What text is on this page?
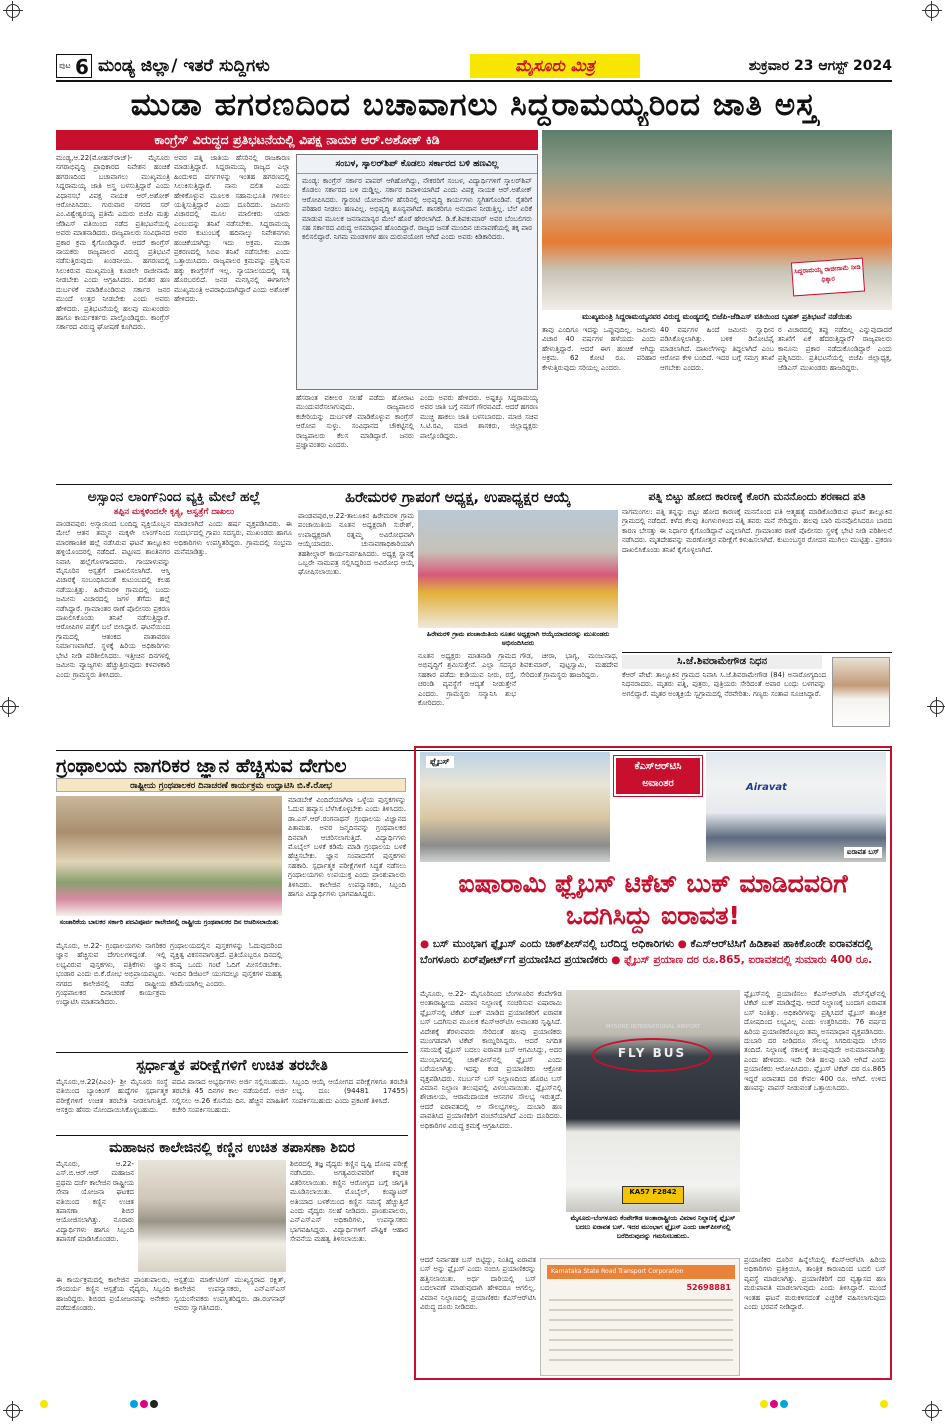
ಪುಟ 6 ಮಂಡ್ಯ ಜಿಲ್ಲಾ/ ಇತರೆ ಸುದ್ದಿಗಳು	ಮೈಸೂರು ಮಿತ್ರ	ಶುಕ್ರವಾರ 23 ಆಗಸ್ಟ್ 2024
ಮುಡಾ ಹಗರಣದಿಂದ ಬಚಾವಾಗಲು ಸಿದ್ದರಾಮಯ್ಯರಿಂದ ಜಾತಿ ಅಸ್ತ್ರ
ಕಾಂಗ್ರೆಸ್ ವಿರುದ್ಧದ ಪ್ರತಿಭಟನೆಯಲ್ಲಿ ವಿಪಕ್ಷ ನಾಯಕ ಆರ್.ಅಶೋಕ್ ಕಿಡಿ
ಮಂಡ್ಯ,ಆ.22(ಮೋಹನ್‌ರಾಜ್)- ಮೈಸೂರು ನಗರಾಭಿವೃದ್ಧಿ ಪ್ರಾಧಿಕಾರದ ನಿವೇಶನ ಹಂಚಿಕೆ ಹಗರಣದಿಂದ ಬಚಾವಾಗಲು ಮುಖ್ಯಮಂತ್ರಿ ಸಿದ್ದರಾಮಯ್ಯ ಜಾತಿ ಅಸ್ತ್ರ ಬಳಸುತ್ತಿದ್ದಾರೆ ಎಂದು ವಿಧಾನಸಭೆ ವಿಪಕ್ಷ ನಾಯಕ ಆರ್.ಅಶೋಕ್ ಆರೋಪಿಸಿದರು. ಗುರುವಾರ ನಗರದ ಸರ್ ಎಂ.ವಿಶ್ವೇಶ್ವರಯ್ಯ ಪ್ರತಿಮೆ ಎದುರು ಬಿಜೆಪಿ ಮತ್ತು ಜೆಡಿಎಸ್ ವತಿಯಿಂದ ನಡೆದ ಪ್ರತಿಭಟನೆಯಲ್ಲಿ ಅವರು ಮಾತನಾಡಿದರು. ರಾಜ್ಯಪಾಲರು ಸಂವಿಧಾನದ ಪ್ರಕಾರ ಕ್ರಮ ಕೈಗೊಂಡಿದ್ದಾರೆ. ಆದರೆ ಕಾಂಗ್ರೆಸ್ ನಾಯಕರು ರಾಜ್ಯಪಾಲರ ವಿರುದ್ಧ ಪ್ರತಿಭಟನೆ ನಡೆಸುತ್ತಿರುವುದು ಖಂಡನೀಯ. ಹಗರಣದಲ್ಲಿ ಸಿಲುಕಿರುವ ಮುಖ್ಯಮಂತ್ರಿ ಕೂಡಲೇ ರಾಜೀನಾಮೆ ನೀಡಬೇಕು ಎಂದು ಆಗ್ರಹಿಸಿದರು. ದಲಿತರ ಹಣ ದುರ್ಬಳಕೆ ಮಾಡಿಕೊಂಡಿರುವ ಸರ್ಕಾರ ಜನರ ಮುಂದೆ ಉತ್ತರ ನೀಡಬೇಕು ಎಂದು ಅವರು ಹೇಳಿದರು. ಪ್ರತಿಭಟನೆಯಲ್ಲಿ ಹಲವು ಮುಖಂಡರು ಹಾಗೂ ಕಾರ್ಯಕರ್ತರು ಪಾಲ್ಗೊಂಡಿದ್ದರು. ಕಾಂಗ್ರೆಸ್ ಸರ್ಕಾರದ ವಿರುದ್ಧ ಘೋಷಣೆ ಕೂಗಿದರು.
ಅವರ ಪತ್ನಿ ಜಾತಿಯ ಹೆಸರಿನಲ್ಲಿ ರಾಜಕಾರಣ ಮಾಡುತ್ತಿದ್ದಾರೆ. ಸಿದ್ದರಾಮಯ್ಯ ರಾಜ್ಯದ ಎಲ್ಲಾ ಹಿಂದುಳಿದ ವರ್ಗಗಳನ್ನು ಇಂತಹ ಹಗರಣದಲ್ಲಿ ಸಿಲುಕಿಸುತ್ತಿದ್ದಾರೆ. ನಾನು ದಲಿತ ಎಂದು ಹೇಳಿಕೊಳ್ಳುವ ಮೂಲಕ ಸಹಾನುಭೂತಿ ಗಳಿಸಲು ಯತ್ನಿಸುತ್ತಿದ್ದಾರೆ ಎಂದು ದೂರಿದರು. ಜಮೀನು ವಿಚಾರದಲ್ಲಿ ಮೂಲ ಮಾಲೀಕರು ಯಾರು ಎಂಬುದನ್ನು ತನಿಖೆ ನಡೆಸಬೇಕು. ಸಿದ್ದರಾಮಯ್ಯ ಅವರ ಕುಟುಂಬಕ್ಕೆ ಹದಿನಾಲ್ಕು ನಿವೇಶನಗಳು ಹಂಚಿಕೆಯಾಗಿದ್ದು ಇದು ಅಕ್ರಮ. ಮುಡಾ ಪ್ರಕರಣದಲ್ಲಿ ಸಿಬಿಐ ತನಿಖೆ ನಡೆಸಬೇಕು ಎಂದು ಒತ್ತಾಯಿಸಿದರು. ರಾಜ್ಯಪಾಲರ ಕ್ರಮವನ್ನು ಪ್ರಶ್ನಿಸುವ ಹಕ್ಕು ಕಾಂಗ್ರೆಸ್‌ಗೆ ಇಲ್ಲ. ನ್ಯಾಯಾಲಯದಲ್ಲಿ ಸತ್ಯ ಹೊರಬರಲಿದೆ. ಜನರ ಮನಸ್ಸಿನಲ್ಲಿ ಈಗಾಗಲೇ ಮುಖ್ಯಮಂತ್ರಿ ಅಪರಾಧಿಯಾಗಿದ್ದಾರೆ ಎಂದು ಅಶೋಕ್ ಹೇಳಿದರು.
ಸಂಬಳ, ಸ್ಕಾಲರ್‌ಶಿಪ್ ಕೊಡಲು ಸರ್ಕಾರದ ಬಳಿ ಹಣವಿಲ್ಲ
ಮಂಡ್ಯ: ಕಾಂಗ್ರೆಸ್ ಸರ್ಕಾರ ಪಾಪರ್ ಆಗಿಹೋಗಿದ್ದು, ನೌಕರರಿಗೆ ಸಂಬಳ, ವಿದ್ಯಾರ್ಥಿಗಳಿಗೆ ಸ್ಕಾಲರ್‌ಶಿಪ್ ಕೊಡಲು ಸರ್ಕಾರದ ಬಳಿ ದುಡ್ಡಿಲ್ಲ. ಸರ್ಕಾರ ದಿವಾಳಿಯಾಗಿದೆ ಎಂದು ವಿಪಕ್ಷ ನಾಯಕ ಆರ್.ಅಶೋಕ್ ಆರೋಪಿಸಿದರು. ಗ್ಯಾರಂಟಿ ಯೋಜನೆಗಳ ಹೆಸರಿನಲ್ಲಿ ಅಭಿವೃದ್ಧಿ ಕಾರ್ಯಗಳು ಸ್ಥಗಿತಗೊಂಡಿವೆ. ರೈತರಿಗೆ ಪರಿಹಾರ ನೀಡಲು ಹಣವಿಲ್ಲ. ಅಭಿವೃದ್ಧಿ ಶೂನ್ಯವಾಗಿದೆ. ಶಾಸಕರಿಗೂ ಅನುದಾನ ನೀಡುತ್ತಿಲ್ಲ. ಬೆಲೆ ಏರಿಕೆ ಮಾಡುವ ಮೂಲಕ ಜನಸಾಮಾನ್ಯರ ಮೇಲೆ ಹೊರೆ ಹೇರಲಾಗಿದೆ. ಡಿ.ಕೆ.ಶಿವಕುಮಾರ್ ಅವರ ಬೆಂಬಲಿಗರು ಸಹ ಸರ್ಕಾರದ ವಿರುದ್ಧ ಅಸಮಾಧಾನ ಹೊಂದಿದ್ದಾರೆ. ರಾಜ್ಯದ ಜನತೆ ಮುಂದಿನ ಚುನಾವಣೆಯಲ್ಲಿ ತಕ್ಕ ಪಾಠ ಕಲಿಸಲಿದ್ದಾರೆ. ನಿಗಮ ಮಂಡಳಿಗಳ ಹಣ ದುರುಪಯೋಗ ಆಗಿದೆ ಎಂದು ಅವರು ಕಿಡಿಕಾರಿದರು.
ಹೆಸರಾಂತ ವಕೀಲರ ಸಲಹೆ ಪಡೆದು ಹೋರಾಟ ಮುಂದುವರೆಸಲಾಗುವುದು. ರಾಜ್ಯಪಾಲರ ಕಚೇರಿಯನ್ನು ದುರ್ಬಳಕೆ ಮಾಡಿಕೊಳ್ಳುವ ಕಾಂಗ್ರೆಸ್ ಆರೋಪ ಸುಳ್ಳು. ಸಂವಿಧಾನದ ಚೌಕಟ್ಟಿನಲ್ಲಿ ರಾಜ್ಯಪಾಲರು ಕೆಲಸ ಮಾಡಿದ್ದಾರೆ. ಜನರು ಪ್ರಜ್ಞಾವಂತರು ಎಂದರು.
ಎಂದು ಅವರು ಹೇಳಿದರು. ಅಷ್ಟಕ್ಕೂ ಸಿದ್ದರಾಮಯ್ಯ ಅವರ ಜಾತಿ ಬಗ್ಗೆ ನಮಗೆ ಗೌರವವಿದೆ. ಆದರೆ ಹಗರಣ ಮುಚ್ಚಿ ಹಾಕಲು ಜಾತಿ ಬಳಸಬಾರದು. ಮಾಜಿ ಸಚಿವ ಸಿ.ಟಿ.ರವಿ, ಮಾಜಿ ಶಾಸಕರು, ಜಿಲ್ಲಾಧ್ಯಕ್ಷರು ಪಾಲ್ಗೊಂಡಿದ್ದರು.
ಸಿದ್ದರಾಮಯ್ಯ ರಾಜೀನಾಮೆ ನೀಡಿ ಧಿಕ್ಕಾರ
ಮುಖ್ಯಮಂತ್ರಿ ಸಿದ್ದರಾಮಯ್ಯನವರ ವಿರುದ್ಧ ಮಂಡ್ಯದಲ್ಲಿ ಬಿಜೆಪಿ-ಜೆಡಿಎಸ್ ವತಿಯಿಂದ ಬೃಹತ್ ಪ್ರತಿಭಟನೆ ನಡೆಯಿತು
ತಾವು ಎಂದಿಗೂ ಇದನ್ನು ಒಪ್ಪುವುದಿಲ್ಲ. ಜಮೀನು ವಿಚಾರ 40 ವರ್ಷಗಳ ಹಳೆಯದು ಎಂದು ಹೇಳುತ್ತಿದ್ದಾರೆ. ಆದರೆ ಈಗ ಹಂಚಿಕೆ ಆಗಿದ್ದು ಅಕ್ರಮ. 62 ಕೋಟಿ ರೂ. ಪರಿಹಾರ ಕೇಳುತ್ತಿರುವುದು ಸರಿಯಲ್ಲ ಎಂದರು.
40 ವರ್ಷಗಳ ಹಿಂದೆ ಜಮೀನು ಸ್ವಾಧೀನ ಪಡಿಸಿಕೊಳ್ಳಲಾಗಿತ್ತು. ಬಳಿಕ ಡಿನೋಟಿಫೈ ಮಾಡಲಾಗಿದೆ. ದಾಖಲೆಗಳನ್ನು ತಿದ್ದಲಾಗಿದೆ ಎಂಬ ಆರೋಪ ಕೇಳಿ ಬಂದಿದೆ. ಇದರ ಬಗ್ಗೆ ಸಮಗ್ರ ತನಿಖೆ ಆಗಬೇಕು ಎಂದರು.
ರ ವಿಚಾರದಲ್ಲಿ ತಪ್ಪು ನಡೆದಿಲ್ಲ ಎನ್ನುವುದಾದರೆ ತನಿಖೆಗೆ ಏಕೆ ಹೆದರುತ್ತಿದ್ದಾರೆ? ರಾಜ್ಯಪಾಲರು ಕಾನೂನು ಪ್ರಕಾರ ನಡೆದುಕೊಂಡಿದ್ದಾರೆ ಎಂದು ಪ್ರಶ್ನಿಸಿದರು. ಪ್ರತಿಭಟನೆಯಲ್ಲಿ ಬಿಜೆಪಿ ಜಿಲ್ಲಾಧ್ಯಕ್ಷ, ಜೆಡಿಎಸ್ ಮುಖಂಡರು ಹಾಜರಿದ್ದರು.
ಅಸ್ಸಾಂನ ಲಾಂಗ್‌ನಿಂದ ವ್ಯಕ್ತಿ ಮೇಲೆ ಹಲ್ಲೆ
ತಪ್ಪಿನ ಮಕ್ಕಳಿಂದಲೇ ಕೃತ್ಯ, ಅಸ್ವತ್ರೆಗೆ ದಾಖಲು
ಪಾಂಡವಪುರ: ಅಸ್ಸಾಂನಿಂದ ಬಂದಿದ್ದ ವ್ಯಕ್ತಿಯೊಬ್ಬನ ಮೇಲೆ ಆತನ ತಮ್ಮನ ಮಕ್ಕಳೇ ಲಾಂಗ್‌ನಿಂದ ಮಾರಣಾಂತಿಕ ಹಲ್ಲೆ ನಡೆಸಿರುವ ಘಟನೆ ತಾಲ್ಲೂಕಿನ ಹಳ್ಳಿಯೊಂದರಲ್ಲಿ ನಡೆದಿದೆ. ಪಟ್ಟಣದ ಶಾಂತಿನಗರ ನಿವಾಸಿ ಹಲ್ಲೆಗೊಳಗಾದವರು. ಗಾಯಾಳುವನ್ನು ಮೈಸೂರಿನ ಆಸ್ಪತ್ರೆಗೆ ದಾಖಲಿಸಲಾಗಿದೆ. ಆಸ್ತಿ ವಿಚಾರಕ್ಕೆ ಸಂಬಂಧಿಸಿದಂತೆ ಕುಟುಂಬದಲ್ಲಿ ಕಲಹ ನಡೆಯುತ್ತಿತ್ತು. ಹಿರೇಮರಳಿ ಗ್ರಾಮದಲ್ಲಿ ಬಂದು ಜಮೀನು ವಿಚಾರದಲ್ಲಿ ಜಗಳ ತೆಗೆದು ಹಲ್ಲೆ ನಡೆಸಿದ್ದಾರೆ. ಗ್ರಾಮಾಂತರ ಠಾಣೆ ಪೊಲೀಸರು ಪ್ರಕರಣ ದಾಖಲಿಸಿಕೊಂಡು ತನಿಖೆ ನಡೆಸುತ್ತಿದ್ದಾರೆ. ಆರೋಪಿಗಳ ಪತ್ತೆಗೆ ಬಲೆ ಬೀಸಿದ್ದಾರೆ. ಘಟನೆಯಿಂದ ಗ್ರಾಮದಲ್ಲಿ ಆತಂಕದ ವಾತಾವರಣ ನಿರ್ಮಾಣವಾಗಿದೆ. ಸ್ಥಳಕ್ಕೆ ಹಿರಿಯ ಅಧಿಕಾರಿಗಳು ಭೇಟಿ ನೀಡಿ ಪರಿಶೀಲಿಸಿದರು. ಇತ್ತೀಚಿನ ದಿನಗಳಲ್ಲಿ ಜಮೀನು ವ್ಯಾಜ್ಯಗಳು ಹೆಚ್ಚುತ್ತಿರುವುದು ಕಳವಳಕಾರಿ ಎಂದು ಗ್ರಾಮಸ್ಥರು ತಿಳಿಸಿದರು.
ಮಾಡಲಾಗಿದೆ ಎಂದು ಹರ್ಷ ವ್ಯಕ್ತಪಡಿಸಿದರು. ಈ ಸಂದರ್ಭದಲ್ಲಿ ಗ್ರಾಪಂ ಸದಸ್ಯರು, ಮುಖಂಡರು ಹಾಗೂ ಅಧಿಕಾರಿಗಳು ಉಪಸ್ಥಿತರಿದ್ದರು. ಗ್ರಾಮದಲ್ಲಿ ಸಂಭ್ರಮ ಮನೆಮಾಡಿತ್ತು.
ಹಿರೇಮರಳಿ ಗ್ರಾಪಂಗೆ ಅಧ್ಯಕ್ಷ, ಉಪಾಧ್ಯಕ್ಷರ ಆಯ್ಕೆ
ಪಾಂಡವಪುರ,ಆ.22-ತಾಲೂಕಿನ ಹಿರೇಮರಳಿ ಗ್ರಾಮ ಪಂಚಾಯಿತಿಯ ನೂತನ ಅಧ್ಯಕ್ಷರಾಗಿ ಸುರೇಶ್, ಉಪಾಧ್ಯಕ್ಷರಾಗಿ ರತ್ನಮ್ಮ ಅವಿರೋಧವಾಗಿ ಆಯ್ಕೆಯಾದರು. ಚುನಾವಣಾಧಿಕಾರಿಯಾಗಿ ತಹಶೀಲ್ದಾರ್ ಕಾರ್ಯನಿರ್ವಹಿಸಿದರು. ಅಧ್ಯಕ್ಷ ಸ್ಥಾನಕ್ಕೆ ಒಬ್ಬರೇ ನಾಮಪತ್ರ ಸಲ್ಲಿಸಿದ್ದರಿಂದ ಅವಿರೋಧ ಆಯ್ಕೆ ಘೋಷಿಸಲಾಯಿತು.
ಹಿರೇಮರಳಿ ಗ್ರಾಮ ಪಂಚಾಯಿತಿಯ ನೂತನ ಅಧ್ಯಕ್ಷರಾಗಿ ಆಯ್ಕೆಯಾದವರನ್ನು ಮುಖಂಡರು ಅಭಿನಂದಿಸಿದರು
ನೂತನ ಅಧ್ಯಕ್ಷರು ಮಾತನಾಡಿ ಗ್ರಾಮದ ಅಭಿವೃದ್ಧಿಗೆ ಶ್ರಮಿಸುತ್ತೇನೆ. ಎಲ್ಲಾ ಸದಸ್ಯರ ಸಹಕಾರ ಪಡೆದು ಕುಡಿಯುವ ನೀರು, ರಸ್ತೆ, ಚರಂಡಿ ವ್ಯವಸ್ಥೆಗೆ ಆದ್ಯತೆ ನೀಡುತ್ತೇನೆ ಎಂದರು. ಗ್ರಾಮಸ್ಥರು ಸನ್ಮಾನಿಸಿ ಶುಭ ಕೋರಿದರು.
ಗೌಡ, ಚೀರಾ, ಭಾಗ್ಯ, ಮಂಜುನಾಥ, ಶಿವಕುಮಾರ್, ಪುಟ್ಟಸ್ವಾಮಿ, ಮಹದೇವ ಸೇರಿದಂತೆ ಗ್ರಾಮಸ್ಥರು ಹಾಜರಿದ್ದರು.
ಪತ್ನಿ ಬಿಟ್ಟು ಹೋದ ಕಾರಣಕ್ಕೆ ಕೊರಗಿ ಮನನೊಂದು ಶರಣಾದ ಪತಿ
ನಾಗಮಂಗಲ: ಪತ್ನಿ ತನ್ನನ್ನು ಬಿಟ್ಟು ಹೋದ ಕಾರಣಕ್ಕೆ ಮನನೊಂದ ಪತಿ ಆತ್ಮಹತ್ಯೆ ಮಾಡಿಕೊಂಡಿರುವ ಘಟನೆ ತಾಲ್ಲೂಕಿನ ಗ್ರಾಮದಲ್ಲಿ ನಡೆದಿದೆ. ಕಳೆದ ಕೆಲವು ತಿಂಗಳುಗಳಿಂದ ಪತ್ನಿ ತವರು ಮನೆ ಸೇರಿದ್ದರು. ಹಲವು ಬಾರಿ ಮನವೊಲಿಸಿದರೂ ಬಾರದ ಕಾರಣ ಬೇಸತ್ತು ಈ ನಿರ್ಧಾರ ಕೈಗೊಂಡಿದ್ದಾನೆ ಎನ್ನಲಾಗಿದೆ. ಗ್ರಾಮಾಂತರ ಠಾಣೆ ಪೊಲೀಸರು ಸ್ಥಳಕ್ಕೆ ಭೇಟಿ ನೀಡಿ ಪರಿಶೀಲನೆ ನಡೆಸಿದರು. ಮೃತದೇಹವನ್ನು ಮರಣೋತ್ತರ ಪರೀಕ್ಷೆಗೆ ಕಳುಹಿಸಲಾಗಿದೆ. ಕುಟುಂಬಸ್ಥರ ರೋದನ ಮುಗಿಲು ಮುಟ್ಟಿತ್ತು. ಪ್ರಕರಣ ದಾಖಲಿಸಿಕೊಂಡು ತನಿಖೆ ಕೈಗೊಳ್ಳಲಾಗಿದೆ.
ಸಿ.ಜೆ.ಶಿವರಾಮೇಗೌಡ ನಿಧನ
ಕೆಆರ್ ಪೇಟೆ: ತಾಲ್ಲೂಕಿನ ಗ್ರಾಮದ ನಿವಾಸಿ ಸಿ.ಜೆ.ಶಿವರಾಮೇಗೌಡ (84) ಅನಾರೋಗ್ಯದಿಂದ ನಿಧನರಾದರು. ಮೃತರು ಪತ್ನಿ, ಪುತ್ರರು, ಪುತ್ರಿಯರು ಸೇರಿದಂತೆ ಅಪಾರ ಬಂಧು ಬಳಗವನ್ನು ಅಗಲಿದ್ದಾರೆ. ಮೃತರ ಅಂತ್ಯಕ್ರಿಯೆ ಸ್ವಗ್ರಾಮದಲ್ಲಿ ನೆರವೇರಿತು. ಗಣ್ಯರು ಸಂತಾಪ ಸೂಚಿಸಿದ್ದಾರೆ.
ಗ್ರಂಥಾಲಯ ನಾಗರಿಕರ ಜ್ಞಾನ ಹೆಚ್ಚಿಸುವ ದೇಗುಲ
ರಾಷ್ಟ್ರೀಯ ಗ್ರಂಥಪಾಲಕರ ದಿನಾಚರಣೆ ಕಾರ್ಯಕ್ರಮ ಉದ್ಘಾಟಿಸಿ ಬಿ.ಕೆ.ರೋಭ
ಸಂಚಾರಿಕೆಯ ಬಾಲಕರ ಸರ್ಕಾರಿ ಪದವಿಪೂರ್ವ ಕಾಲೇಜಿನಲ್ಲಿ ರಾಷ್ಟ್ರೀಯ ಗ್ರಂಥಪಾಲಕರ ದಿನ ಆಚರಿಸಲಾಯಿತು
ಮಾಡಬೇಕೆ ವಿಂದಿದೆಯಾಗಿರಾ ಒಳ್ಳೆಯ ಪುಸ್ತಕಗಳನ್ನು ಓದುವ ಹವ್ಯಾಸ ಬೆಳೆಸಿಕೊಳ್ಳಬೇಕು ಎಂದು ತಿಳಿಸಿದರು. ಡಾ.ಎಸ್.ಆರ್.ರಂಗನಾಥನ್ ಗ್ರಂಥಾಲಯ ವಿಜ್ಞಾನದ ಪಿತಾಮಹ. ಅವರ ಜನ್ಮದಿನವನ್ನು ಗ್ರಂಥಪಾಲಕರ ದಿನವಾಗಿ ಆಚರಿಸಲಾಗುತ್ತಿದೆ. ವಿದ್ಯಾರ್ಥಿಗಳು ಮೊಬೈಲ್ ಬಳಕೆ ಕಡಿಮೆ ಮಾಡಿ ಗ್ರಂಥಾಲಯ ಬಳಕೆ ಹೆಚ್ಚಿಸಬೇಕು. ಜ್ಞಾನ ಸಂಪಾದನೆಗೆ ಪುಸ್ತಕಗಳು ಸಹಕಾರಿ. ಸ್ಪರ್ಧಾತ್ಮಕ ಪರೀಕ್ಷೆಗಳಿಗೆ ಸಿದ್ಧತೆ ನಡೆಸಲು ಗ್ರಂಥಾಲಯಗಳು ಉಪಯುಕ್ತ ಎಂದು ಪ್ರಾಂಶುಪಾಲರು ತಿಳಿಸಿದರು. ಕಾಲೇಜಿನ ಉಪನ್ಯಾಸಕರು, ಸಿಬ್ಬಂದಿ ಹಾಗೂ ವಿದ್ಯಾರ್ಥಿಗಳು ಭಾಗವಹಿಸಿದ್ದರು.
ಮೈಸೂರು, ಆ.22- ಗ್ರಂಥಾಲಯಗಳು ನಾಗರಿಕರ ಜ್ಞಾನ ಹೆಚ್ಚಿಸುವ ದೇಗುಲಗಳಿದ್ದಂತೆ. ಇಲ್ಲಿ ಲಭ್ಯವಿರುವ ಪುಸ್ತಕಗಳು, ಪತ್ರಿಕೆಗಳು ಜ್ಞಾನ ಭಂಡಾರ ಎಂದು ಬಿ.ಕೆ.ರೋಭ ಅಭಿಪ್ರಾಯಪಟ್ಟರು. ನಗರದ ಕಾಲೇಜಿನಲ್ಲಿ ನಡೆದ ರಾಷ್ಟ್ರೀಯ ಗ್ರಂಥಪಾಲಕರ ದಿನಾಚರಣೆ ಕಾರ್ಯಕ್ರಮ ಉದ್ಘಾಟಿಸಿ ಮಾತನಾಡಿದರು.
ಗ್ರಂಥಾಲಯದಲ್ಲಿನ ಪುಸ್ತಕಗಳನ್ನು ಓದುವುದರಿಂದ ವ್ಯಕ್ತಿತ್ವ ವಿಕಸನವಾಗುತ್ತದೆ. ಪ್ರತಿಯೊಬ್ಬರೂ ದಿನದಲ್ಲಿ ಕನಿಷ್ಠ ಒಂದು ಗಂಟೆ ಓದಿಗೆ ಮೀಸಲಿಡಬೇಕು. ಇಂದಿನ ಡಿಜಿಟಲ್ ಯುಗದಲ್ಲೂ ಪುಸ್ತಕಗಳ ಮಹತ್ವ ಕಡಿಮೆಯಾಗಿಲ್ಲ ಎಂದರು.
ಸ್ಪರ್ಧಾತ್ಮಕ ಪರೀಕ್ಷೆಗಳಿಗೆ ಉಚಿತ ತರಬೇತಿ
ಮೈಸೂರು,ಆ.22(ಪಿಎಂ)- ಶ್ರೀ ಮೈಸೂರು ಸಂಸ್ಥೆ ವತಿಯಿಂದ ಬ್ಯಾಂಕಿಂಗ್ ಹುದ್ದೆಗಳ ಸ್ಪರ್ಧಾತ್ಮಕ ಪರೀಕ್ಷೆಗಳಿಗೆ ಉಚಿತ ತರಬೇತಿ ನೀಡಲಾಗುತ್ತಿದೆ. ಆಸಕ್ತರು ಹೆಸರು ನೋಂದಾಯಿಸಿಕೊಳ್ಳಬಹುದು.
ಪದವಿ ಪಾಸಾದ ಅಭ್ಯರ್ಥಿಗಳು ಅರ್ಜಿ ಸಲ್ಲಿಸಬಹುದು. ತರಬೇತಿ 45 ದಿನಗಳ ಕಾಲ ನಡೆಯಲಿದೆ. ಅರ್ಜಿ ಸಲ್ಲಿಸಲು ಆ.26 ಕೊನೆಯ ದಿನ. ಹೆಚ್ಚಿನ ಮಾಹಿತಿಗೆ ಕಚೇರಿ ಸಂಪರ್ಕಿಸಬಹುದು.
ಸಿಬ್ಬಂದಿ ಆಯ್ಕೆ ಆಯೋಗದ ಪರೀಕ್ಷೆಗಳಿಗೂ ತರಬೇತಿ ಲಭ್ಯ. ದೂ: (94481 17455) ಸಂಪರ್ಕಿಸಬಹುದು ಎಂದು ಪ್ರಕಟಣೆ ತಿಳಿಸಿದೆ.
ಮಹಾಜನ ಕಾಲೇಜಿನಲ್ಲಿ ಕಣ್ಣಿನ ಉಚಿತ ತಪಾಸಣಾ ಶಿಬಿರ
ಮೈಸೂರು, ಆ.22- ಎಸ್.ಬಿ.ಆರ್.ಆರ್ ಮಹಾಜನ ಪ್ರಥಮ ದರ್ಜೆ ಕಾಲೇಜಿನ ರಾಷ್ಟ್ರೀಯ ಸೇವಾ ಯೋಜನಾ ಘಟಕದ ವತಿಯಿಂದ ಕಣ್ಣಿನ ಉಚಿತ ತಪಾಸಣಾ ಶಿಬಿರ ಆಯೋಜಿಸಲಾಗಿತ್ತು. ನೂರಾರು ವಿದ್ಯಾರ್ಥಿಗಳು ಹಾಗೂ ಸಿಬ್ಬಂದಿ ತಪಾಸಣೆ ಮಾಡಿಸಿಕೊಂಡರು.
ಶಿಬಿರದಲ್ಲಿ ತಜ್ಞ ವೈದ್ಯರು ಕಣ್ಣಿನ ದೃಷ್ಟಿ ದೋಷ ಪರೀಕ್ಷೆ ನಡೆಸಿದರು. ಅಗತ್ಯವಿರುವವರಿಗೆ ಕನ್ನಡಕ ವಿತರಿಸಲಾಯಿತು. ಕಣ್ಣಿನ ಆರೋಗ್ಯದ ಬಗ್ಗೆ ಜಾಗೃತಿ ಮೂಡಿಸಲಾಯಿತು. ಮೊಬೈಲ್, ಕಂಪ್ಯೂಟರ್ ಅತಿಯಾದ ಬಳಕೆಯಿಂದ ಕಣ್ಣಿನ ಸಮಸ್ಯೆ ಹೆಚ್ಚುತ್ತಿದೆ ಎಂದು ವೈದ್ಯರು ಸಲಹೆ ನೀಡಿದರು. ಪ್ರಾಂಶುಪಾಲರು, ಎನ್‌ಎಸ್‌ಎಸ್ ಅಧಿಕಾರಿಗಳು, ಉಪನ್ಯಾಸಕರು ಭಾಗವಹಿಸಿದ್ದರು. ವಿದ್ಯಾರ್ಥಿಗಳಿಗೆ ಪೌಷ್ಟಿಕ ಆಹಾರ ಸೇವನೆಯ ಮಹತ್ವ ತಿಳಿಸಲಾಯಿತು.
ಈ ಕಾರ್ಯಕ್ರಮದಲ್ಲಿ ಕಾಲೇಜಿನ ಪ್ರಾಂಶುಪಾಲರು, ಸೌಂದರ್ಯ ಕಣ್ಣಿನ ಆಸ್ಪತ್ರೆಯ ವೈದ್ಯರು, ಸಿಬ್ಬಂದಿ ಹಾಜರಿದ್ದರು. ಶಿಬಿರದ ಪ್ರಯೋಜನವನ್ನು ಅನೇಕರು ಪಡೆದುಕೊಂಡರು.
ಆಸ್ಪತ್ರೆಯ ಮಾರ್ಕೆಟಿಂಗ್ ಮುಖ್ಯಸ್ಥರಾದ ರಕ್ಷಿತ್, ಕಾಲೇಜಿನ ಉಪನ್ಯಾಸಕರು, ಎನ್‌ಎಸ್‌ಎಸ್ ಸ್ವಯಂಸೇವಕರು ಉಪಸ್ಥಿತರಿದ್ದರು. ಡಾ.ರಂಗನಾಥ್ ಅವರು ಸ್ವಾಗತಿಸಿದರು.
ಫ್ಲೈಬಸ್	ಕೆಎಸ್‌ಆರ್‌ಟಿಸಿ
ಅವಾಂತರ	Airavat
ಐರಾವತ ಬಸ್
ಐಷಾರಾಮಿ ಫ್ಲೈಬಸ್ ಟಿಕೆಟ್ ಬುಕ್ ಮಾಡಿದವರಿಗೆ ಒದಗಿಸಿದ್ದು ಐರಾವತ!
● ಬಸ್ ಮುಂಭಾಗ ಫ್ಲೈಬಸ್ ಎಂದು ಚಾಕ್‌ಪೀಸ್‌ನಲ್ಲಿ ಬರೆದಿದ್ದ ಅಧಿಕಾರಿಗಳು ● ಕೆಎಸ್‌ಆರ್‌ಟಿಸಿಗೆ ಹಿಡಿಶಾಪ ಹಾಕಿಕೊಂಡೇ ಐರಾವತದಲ್ಲಿ ಬೆಂಗಳೂರು ಏರ್‌ಪೋರ್ಟ್‌ಗೆ ಪ್ರಯಾಣಿಸಿದ ಪ್ರಯಾಣಿಕರು ● ಫ್ಲೈಬಸ್ ಪ್ರಯಾಣ ದರ ರೂ.865, ಐರಾವತದಲ್ಲಿ ಸುಮಾರು 400 ರೂ.
ಮೈಸೂರು, ಆ.22- ಮೈಸೂರಿನಿಂದ ಬೆಂಗಳೂರಿನ ಕೆಂಪೇಗೌಡ ಅಂತಾರಾಷ್ಟ್ರೀಯ ವಿಮಾನ ನಿಲ್ದಾಣಕ್ಕೆ ಸಂಚರಿಸುವ ಐಷಾರಾಮಿ ಫ್ಲೈಬಸ್‌ನಲ್ಲಿ ಟಿಕೆಟ್ ಬುಕ್ ಮಾಡಿದ ಪ್ರಯಾಣಿಕರಿಗೆ ಐರಾವತ ಬಸ್ ಒದಗಿಸುವ ಮೂಲಕ ಕೆಎಸ್‌ಆರ್‌ಟಿಸಿ ಅವಾಂತರ ಸೃಷ್ಟಿಸಿದೆ. ವಿದೇಶಕ್ಕೆ ತೆರಳುವವರು ಸೇರಿದಂತೆ ಹಲವು ಪ್ರಯಾಣಿಕರು ಮುಂಗಡವಾಗಿ ಟಿಕೆಟ್ ಕಾಯ್ದಿರಿಸಿದ್ದರು. ಆದರೆ ನಿಗದಿತ ಸಮಯಕ್ಕೆ ಫ್ಲೈಬಸ್ ಬದಲು ಐರಾವತ ಬಸ್ ಆಗಮಿಸಿದ್ದು, ಅದರ ಮುಂಭಾಗದಲ್ಲಿ ಚಾಕ್‌ಪೀಸ್‌ನಲ್ಲಿ ಫ್ಲೈಬಸ್ ಎಂದು ಬರೆಯಲಾಗಿತ್ತು. ಇದನ್ನು ಕಂಡ ಪ್ರಯಾಣಿಕರು ಆಕ್ರೋಶ ವ್ಯಕ್ತಪಡಿಸಿದರು. ಸಬರ್ಬನ್ ಬಸ್ ನಿಲ್ದಾಣದಿಂದ ಹೊರಟ ಬಸ್ ವಿಮಾನ ನಿಲ್ದಾಣ ತಲುಪುವಲ್ಲಿ ವಿಳಂಬವಾಯಿತು. ಫ್ಲೈಬಸ್‌ನಲ್ಲಿ ಶೌಚಾಲಯ, ಆರಾಮದಾಯಕ ಆಸನಗಳ ಸೌಲಭ್ಯ ಇರುತ್ತದೆ. ಆದರೆ ಐರಾವತದಲ್ಲಿ ಆ ಸೌಲಭ್ಯಗಳಿಲ್ಲ. ದುಬಾರಿ ಹಣ ಪಾವತಿಸಿದ ಪ್ರಯಾಣಿಕರಿಗೆ ವಂಚನೆಯಾಗಿದೆ ಎಂದು ದೂರಿದರು. ಅಧಿಕಾರಿಗಳ ವಿರುದ್ಧ ಕ್ರಮಕ್ಕೆ ಆಗ್ರಹಿಸಿದರು.
MYSORE INTERNATIONAL AIRPORT
FLY BUS
KA57 F2842
ಮೈಸೂರು-ಬೆಂಗಳೂರು ಕೆಂಪೇಗೌಡ ಅಂತಾರಾಷ್ಟ್ರೀಯ ವಿಮಾನ ನಿಲ್ದಾಣಕ್ಕೆ ಫ್ಲೈಬಸ್ ಬದಲು ಐರಾವತ ಬಸ್. ಇದರ ಮುಂಭಾಗ ಫ್ಲೈಬಸ್ ಎಂದು ಚಾಕ್‌ಪೀಸ್‌ನಲ್ಲಿ ಬರೆದಿರುವುದನ್ನು ಗಮನಿಸಬಹುದು.
ಫ್ಲೈಬಸ್‌ನಲ್ಲಿ ಪ್ರಯಾಣಿಸಲು ಕೆಎಸ್‌ಆರ್‌ಟಿಸಿ ವೆಬ್‌ಸೈಟ್‌ನಲ್ಲಿ ಟಿಕೆಟ್ ಬುಕ್ ಮಾಡಿದ್ದೆವು. ಆದರೆ ನಿಲ್ದಾಣಕ್ಕೆ ಬಂದಾಗ ಐರಾವತ ಬಸ್ ನಿಂತಿತ್ತು. ಅಧಿಕಾರಿಗಳನ್ನು ಪ್ರಶ್ನಿಸಿದರೆ ಫ್ಲೈಬಸ್ ತಾಂತ್ರಿಕ ದೋಷದಿಂದ ಲಭ್ಯವಿಲ್ಲ ಎಂದು ಉತ್ತರಿಸಿದರು. 76 ವರ್ಷದ ಹಿರಿಯ ಪ್ರಯಾಣಿಕರೊಬ್ಬರು ತಮ್ಮ ಅಸಮಾಧಾನ ವ್ಯಕ್ತಪಡಿಸಿದರು. ದುಬಾರಿ ದರ ನೀಡಿದರೂ ಸೌಲಭ್ಯ ಸಿಗದಿರುವುದು ಬೇಸರ ತಂದಿದೆ. ನಿಲ್ದಾಣಕ್ಕೆ ಸಕಾಲಕ್ಕೆ ತಲುಪುವುದೇ ಅನುಮಾನವಾಗಿತ್ತು ಎಂದು ಹೇಳಿದರು. ಇದೇ ರೀತಿ ಹಲವು ಬಾರಿ ಆಗಿದೆ ಎಂದು ಪ್ರಯಾಣಿಕರು ಆರೋಪಿಸಿದರು. ಫ್ಲೈಬಸ್ ಟಿಕೆಟ್ ದರ ರೂ.865 ಇದ್ದರೆ ಐರಾವತದ ದರ ಕೇವಲ 400 ರೂ. ಆಗಿದೆ. ಉಳಿದ ಹಣವನ್ನು ವಾಪಸ್ ನೀಡುವಂತೆ ಒತ್ತಾಯಿಸಿದರು.
ಆದರೆ ನಿರ್ವಾಹಕ ಬಸ್ ಬಿಟ್ಟಿದ್ದು, ನಿಂತಿದ್ದ ಐರಾವತ ಬಸ್ ಅನ್ನು ಫ್ಲೈಬಸ್ ಎಂದು ನಂಬಿಸಿ ಪ್ರಯಾಣಿಕರನ್ನು ಹತ್ತಿಸಲಾಯಿತು. ಅರ್ಧ ದಾರಿಯಲ್ಲಿ ಬಸ್ ಬದಲಾವಣೆ ಮಾಡುವುದಾಗಿ ಹೇಳಿದರೂ ಆಗಲಿಲ್ಲ. ವಿಮಾನ ನಿಲ್ದಾಣದಲ್ಲಿ ಪ್ರಯಾಣಿಕರು ಕೆಎಸ್‌ಆರ್‌ಟಿಸಿ ವಿರುದ್ಧ ದೂರು ನೀಡಿದರು.
Karnataka State Road Transport Corporation
52698881
ಪ್ರಯಾಣಿಕರ ದೂರಿನ ಹಿನ್ನೆಲೆಯಲ್ಲಿ ಕೆಎಸ್‌ಆರ್‌ಟಿಸಿ ಹಿರಿಯ ಅಧಿಕಾರಿಗಳು ಪ್ರತಿಕ್ರಿಯಿಸಿ, ತಾಂತ್ರಿಕ ಕಾರಣದಿಂದ ಬದಲಿ ಬಸ್ ವ್ಯವಸ್ಥೆ ಮಾಡಲಾಗಿತ್ತು. ಪ್ರಯಾಣಿಕರಿಗೆ ದರ ವ್ಯತ್ಯಾಸದ ಹಣ ಮರುಪಾವತಿ ಮಾಡಲಾಗುವುದು ಎಂದು ತಿಳಿಸಿದ್ದಾರೆ. ಮುಂದೆ ಇಂತಹ ಘಟನೆ ಮರುಕಳಿಸದಂತೆ ಎಚ್ಚರಿಕೆ ವಹಿಸಲಾಗುವುದು ಎಂದು ಭರವಸೆ ನೀಡಿದ್ದಾರೆ.
